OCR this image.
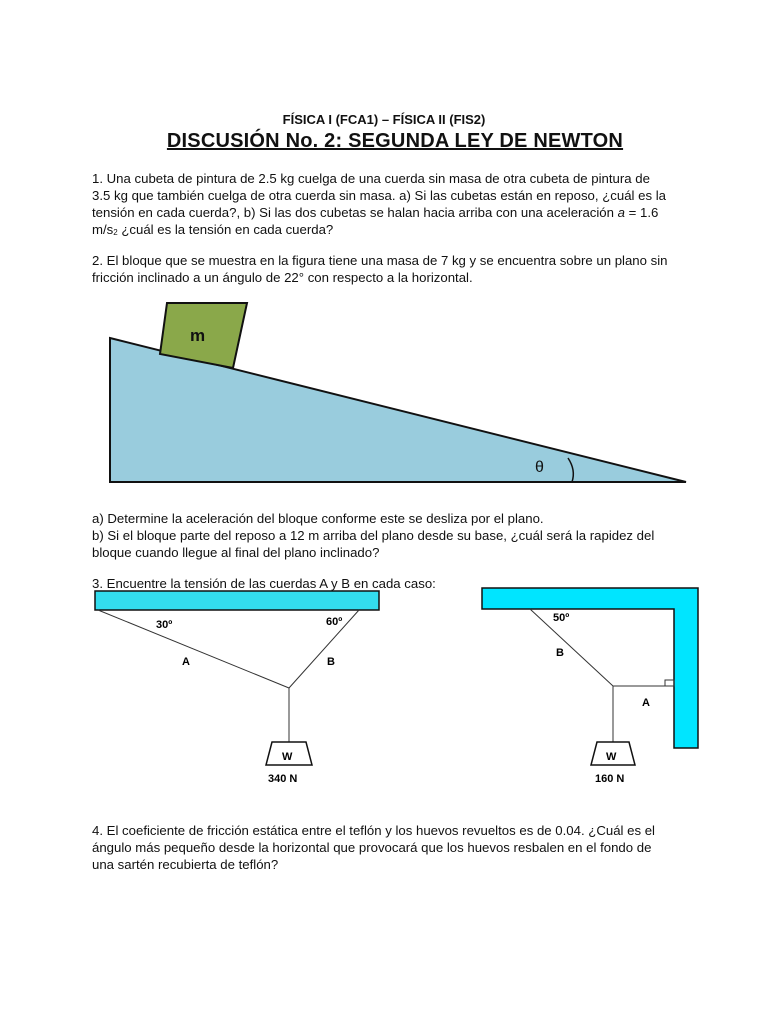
FÍSICA I (FCA1) – FÍSICA II (FIS2)
DISCUSIÓN No. 2: SEGUNDA LEY DE NEWTON

1. Una cubeta de pintura de 2.5 kg cuelga de una cuerda sin masa de otra cubeta de pintura de

3.5 kg que también cuelga de otra cuerda sin masa. a) Si las cubetas están en reposo, ¿cuál es la

tensión en cada cuerda?, b) Si las dos cubetas se halan hacia arriba con una aceleración a = 1.6

$m/s_2$ ¿cuál es la tensión en cada cuerda?

2. El bloque que se muestra en la figura tiene una masa de 7 kg y se encuentra sobre un plano sin

fricción inclinado a un ángulo de 22° con respecto a la horizontal.

m
θ

a) Determine la aceleración del bloque conforme este se desliza por el plano.

b) Si el bloque parte del reposo a 12 m arriba del plano desde su base, ¿cuál será la rapidez del

bloque cuando llegue al final del plano inclinado?

3. Encuentre la tensión de las cuerdas A y B en cada caso:

30º	60º
A	B
W
340 N
50º
B
A
W
160 N

4. El coeficiente de fricción estática entre el teflón y los huevos revueltos es de 0.04. ¿Cuál es el

ángulo más pequeño desde la horizontal que provocará que los huevos resbalen en el fondo de

una sartén recubierta de teflón?
